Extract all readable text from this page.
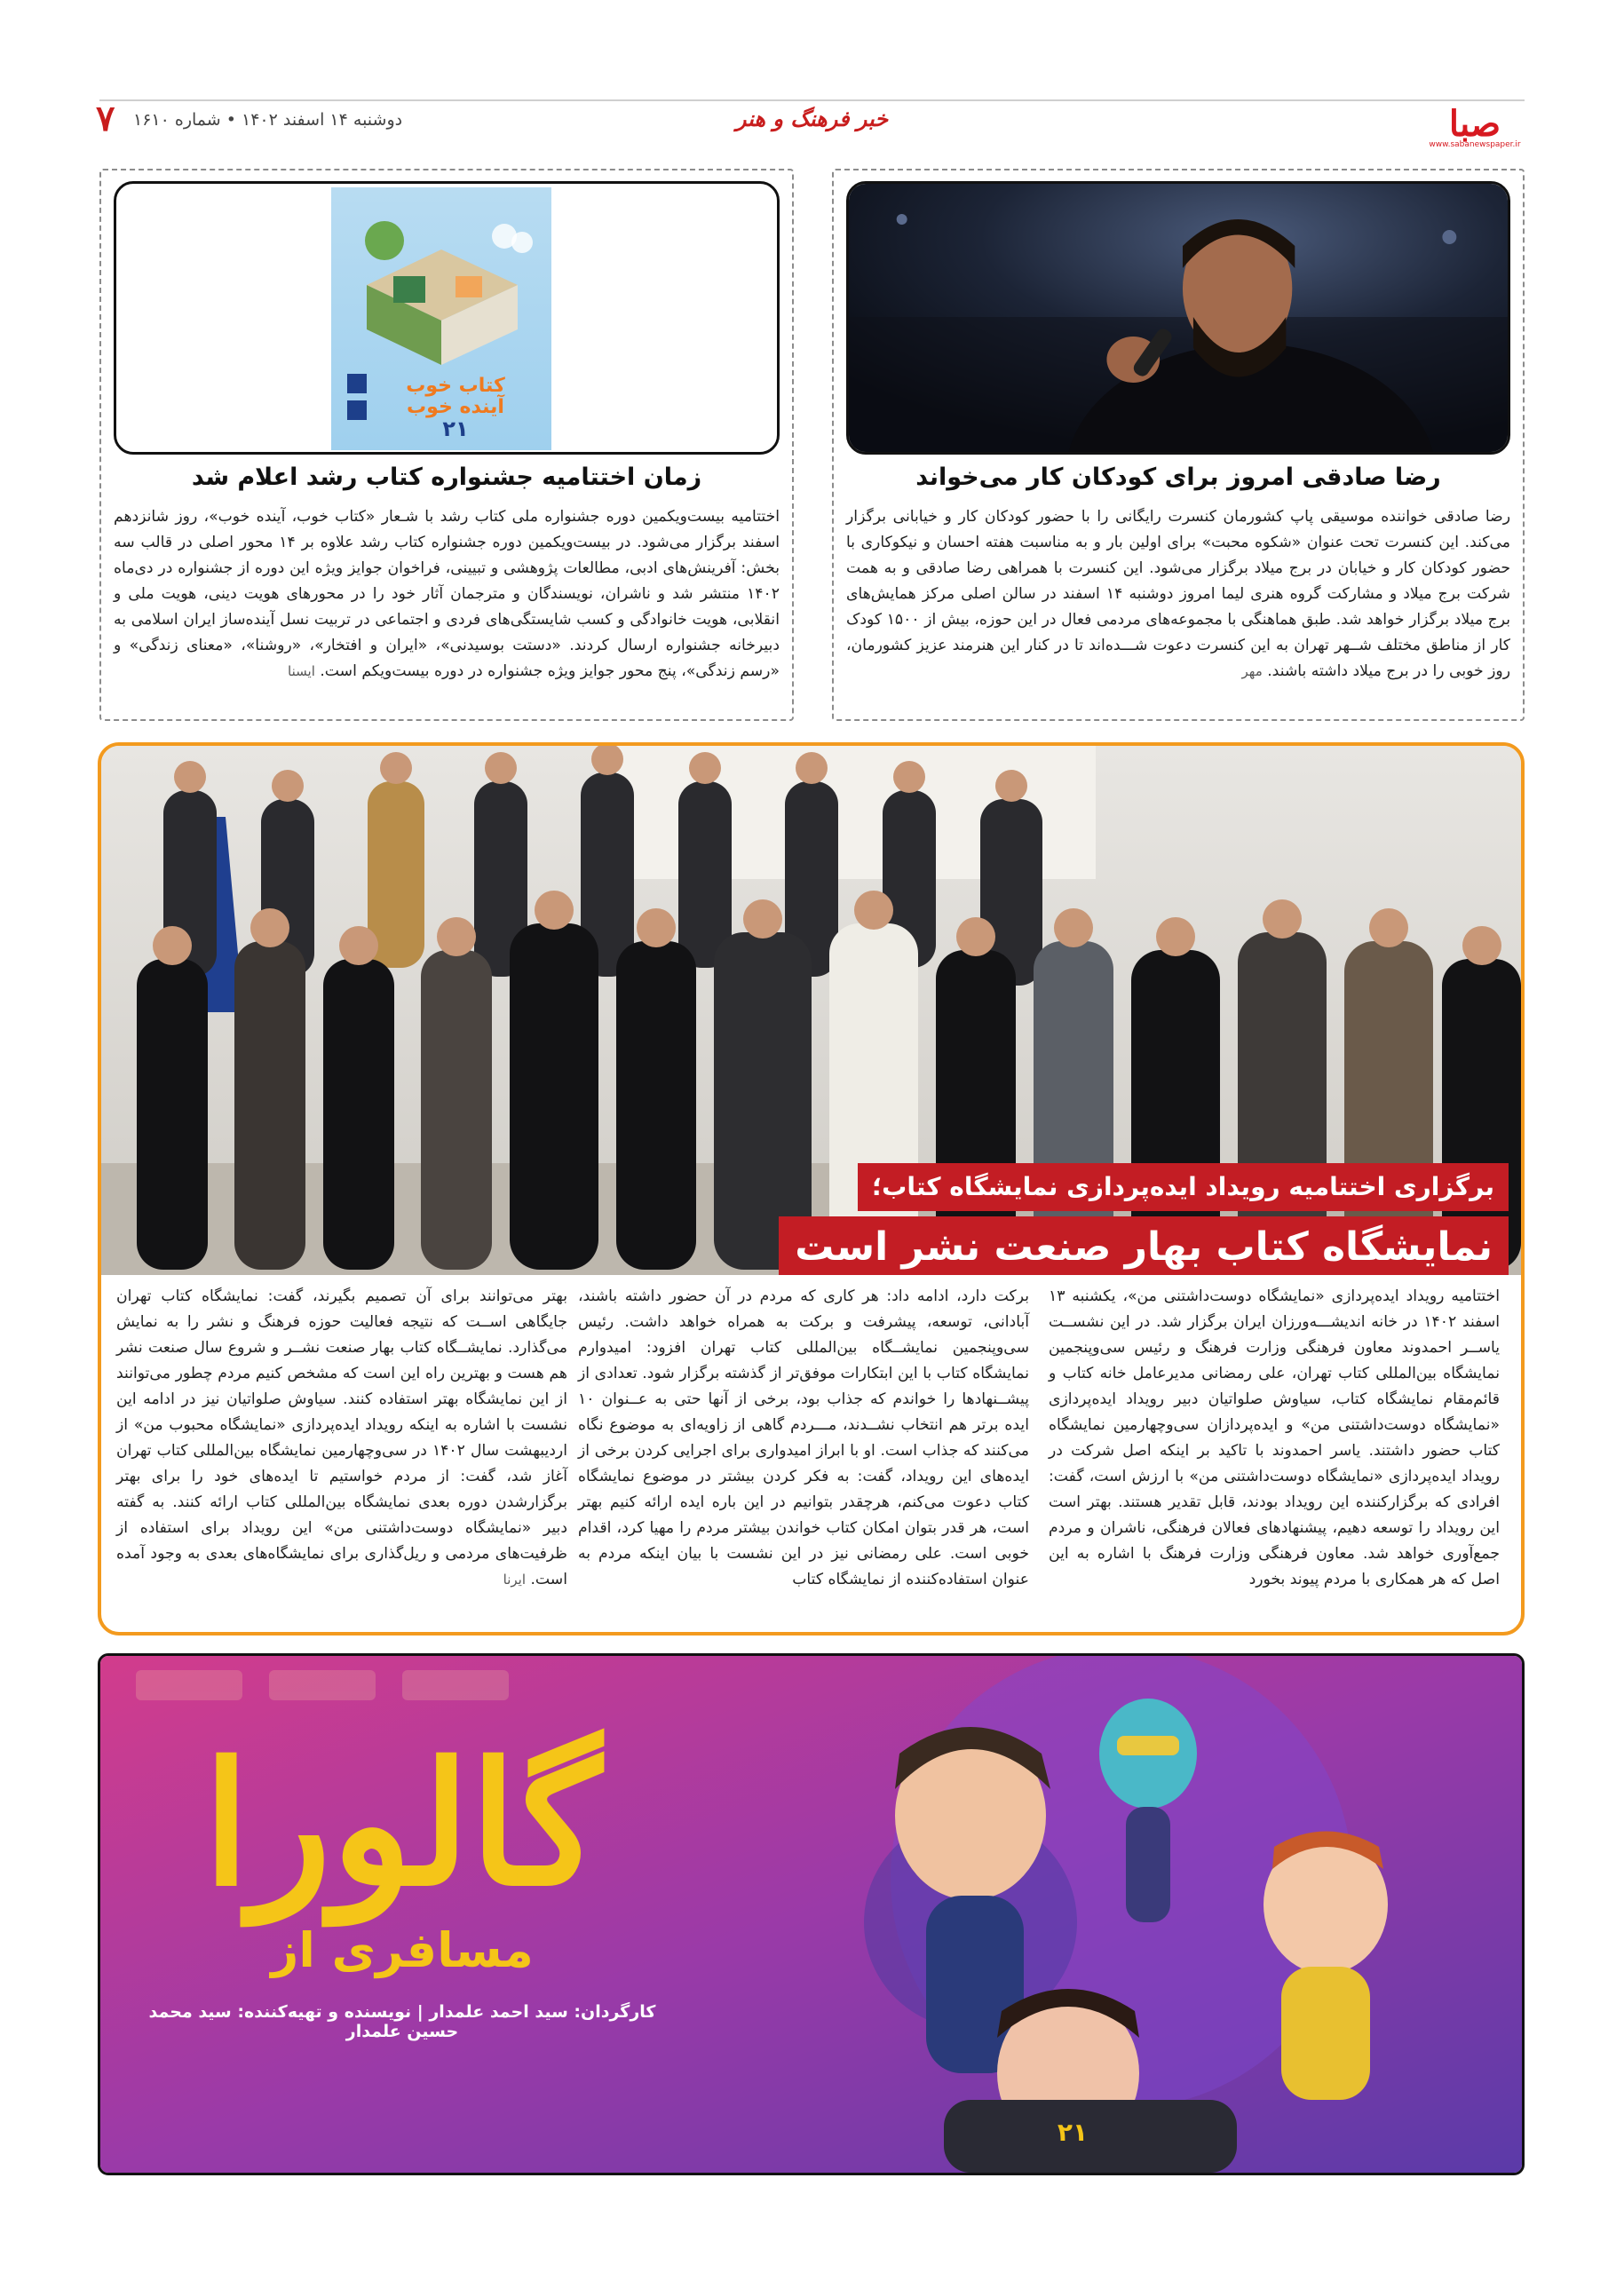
صبا
www.sabanewspaper.ir
خبر فرهنگ و هنر
دوشنبه ۱۴ اسفند ۱۴۰۲ • شماره ۱۶۱۰
۷
رضا صادقی امروز برای کودکان کار می‌خواند
رضا صادقی خواننده موسیقی پاپ کشورمان کنسرت رایگانی را با حضور کودکان کار و خیابانی برگزار می‌کند. این کنسرت تحت عنوان «شکوه محبت» برای اولین بار و به مناسبت هفته احسان و نیکوکاری با حضور کودکان کار و خیابان در برج میلاد برگزار می‌شود. این کنسرت با همراهی رضا صادقی و به همت شرکت برج میلاد و مشارکت گروه هنری لیما امروز دوشنبه ۱۴ اسفند در سالن اصلی مرکز همایش‌های برج میلاد برگزار خواهد شد. طبق هماهنگی با مجموعه‌های مردمی فعال در این حوزه، بیش از ۱۵۰۰ کودک کار از مناطق مختلف شــهر تهران به این کنسرت دعوت شـــده‌اند تا در کنار این هنرمند عزیز کشورمان، روز خوبی را در برج میلاد داشته باشند. مهر
کتاب خوب
آینده خوب
۲۱
زمان اختتامیه جشنواره کتاب رشد اعلام شد
اختتامیه بیست‌ویکمین دوره جشنواره ملی کتاب رشد با شـعار «کتاب خوب، آینده خوب»، روز شانزدهم اسفند برگزار می‌شود. در بیست‌ویکمین دوره جشنواره کتاب رشد علاوه بر ۱۴ محور اصلی در قالب سه بخش: آفرینش‌های ادبی، مطالعات پژوهشی و تبیینی، فراخوان جوایز ویژه این دوره از جشنواره در دی‌ماه ۱۴۰۲ منتشر شد و ناشران، نویسندگان و مترجمان آثار خود را در محورهای هویت دینی، هویت ملی و انقلابی، هویت خانوادگی و کسب شایستگی‌های فردی و اجتماعی در تربیت نسل آینده‌ساز ایران اسلامی به دبیرخانه جشنواره ارسال کردند. «دستت بوسیدنی»، «ایران و افتخار»، «روشنا»، «معنای زندگی» و «رسم زندگی»، پنج محور جوایز ویژه جشنواره در دوره بیست‌ویکم است. ایسنا
برگزاری اختتامیه رویداد ایده‌پردازی نمایشگاه کتاب؛
نمایشگاه کتاب بهار صنعت نشر است
اختتامیه رویداد ایده‌پردازی «نمایشگاه دوست‌داشتنی من»، یکشنبه ۱۳ اسفند ۱۴۰۲ در خانه اندیشـــه‌ورزان ایران برگزار شد. در این نشســت یاســر احمدوند معاون فرهنگی وزارت فرهنگ و رئیس سی‌وپنجمین نمایشگاه بین‌المللی کتاب تهران، علی رمضانی مدیرعامل خانه کتاب و قائم‌مقام نمایشگاه کتاب، سیاوش صلواتیان دبیر رویداد ایده‌پردازی «نمایشگاه دوست‌داشتنی من» و ایده‌پردازان سی‌وچهارمین نمایشگاه کتاب حضور داشتند. یاسر احمدوند با تاکید بر اینکه اصل شرکت در رویداد ایده‌پردازی «نمایشگاه دوست‌داشتنی من» با ارزش است، گفت: افرادی که برگزارکننده این رویداد بودند، قابل تقدیر هستند. بهتر است این رویداد را توسعه دهیم، پیشنهادهای فعالان فرهنگی، ناشران و مردم جمع‌آوری خواهد شد. معاون فرهنگی وزارت فرهنگ با اشاره به این اصل که هر همکاری با مردم پیوند بخورد
برکت دارد، ادامه داد: هر کاری که مردم در آن حضور داشته باشند، آبادانی، توسعه، پیشرفت و برکت به همراه خواهد داشت. رئیس سی‌وپنجمین نمایشــگاه بین‌المللی کتاب تهران افزود: امیدوارم نمایشگاه کتاب با این ابتکارات موفق‌تر از گذشته برگزار شود. تعدادی از پیشــنهادها را خواندم که جذاب بود، برخی از آنها حتی به عــنوان ۱۰ ایده برتر هم انتخاب نشــدند، مـــردم گاهی از زاویه‌ای به موضوع نگاه می‌کنند که جذاب است. او با ابراز امیدواری برای اجرایی کردن برخی از ایده‌های این رویداد، گفت: به فکر کردن بیشتر در موضوع نمایشگاه کتاب دعوت می‌کنم، هرچقدر بتوانیم در این باره ایده ارائه کنیم بهتر است، هر قدر بتوان امکان کتاب خواندن بیشتر مردم را مهیا کرد، اقدام خوبی است. علی رمضانی نیز در این نشست با بیان اینکه مردم به عنوان استفاده‌کننده از نمایشگاه کتاب
بهتر می‌توانند برای آن تصمیم بگیرند، گفت: نمایشگاه کتاب تهران جایگاهی اســت که نتیجه فعالیت حوزه فرهنگ و نشر را به نمایش می‌گذارد. نمایشــگاه کتاب بهار صنعت نشــر و شروع سال صنعت نشر هم هست و بهترین راه این است که مشخص کنیم مردم چطور می‌توانند از این نمایشگاه بهتر استفاده کنند. سیاوش صلواتیان نیز در ادامه این نشست با اشاره به اینکه رویداد ایده‌پردازی «نمایشگاه محبوب من» از اردیبهشت سال ۱۴۰۲ در سی‌وچهارمین نمایشگاه بین‌المللی کتاب تهران آغاز شد، گفت: از مردم خواستیم تا ایده‌های خود را برای بهتر برگزارشدن دوره بعدی نمایشگاه بین‌المللی کتاب ارائه کنند. به گفته دبیر «نمایشگاه دوست‌داشتنی من» این رویداد برای استفاده از ظرفیت‌های مردمی و ریل‌گذاری برای نمایشگاه‌های بعدی به وجود آمده است. ایرنا
گالورا
مسافری از
کارگردان: سید احمد علمدار | نویسنده و تهیه‌کننده: سید محمد حسین علمدار
۲۱
